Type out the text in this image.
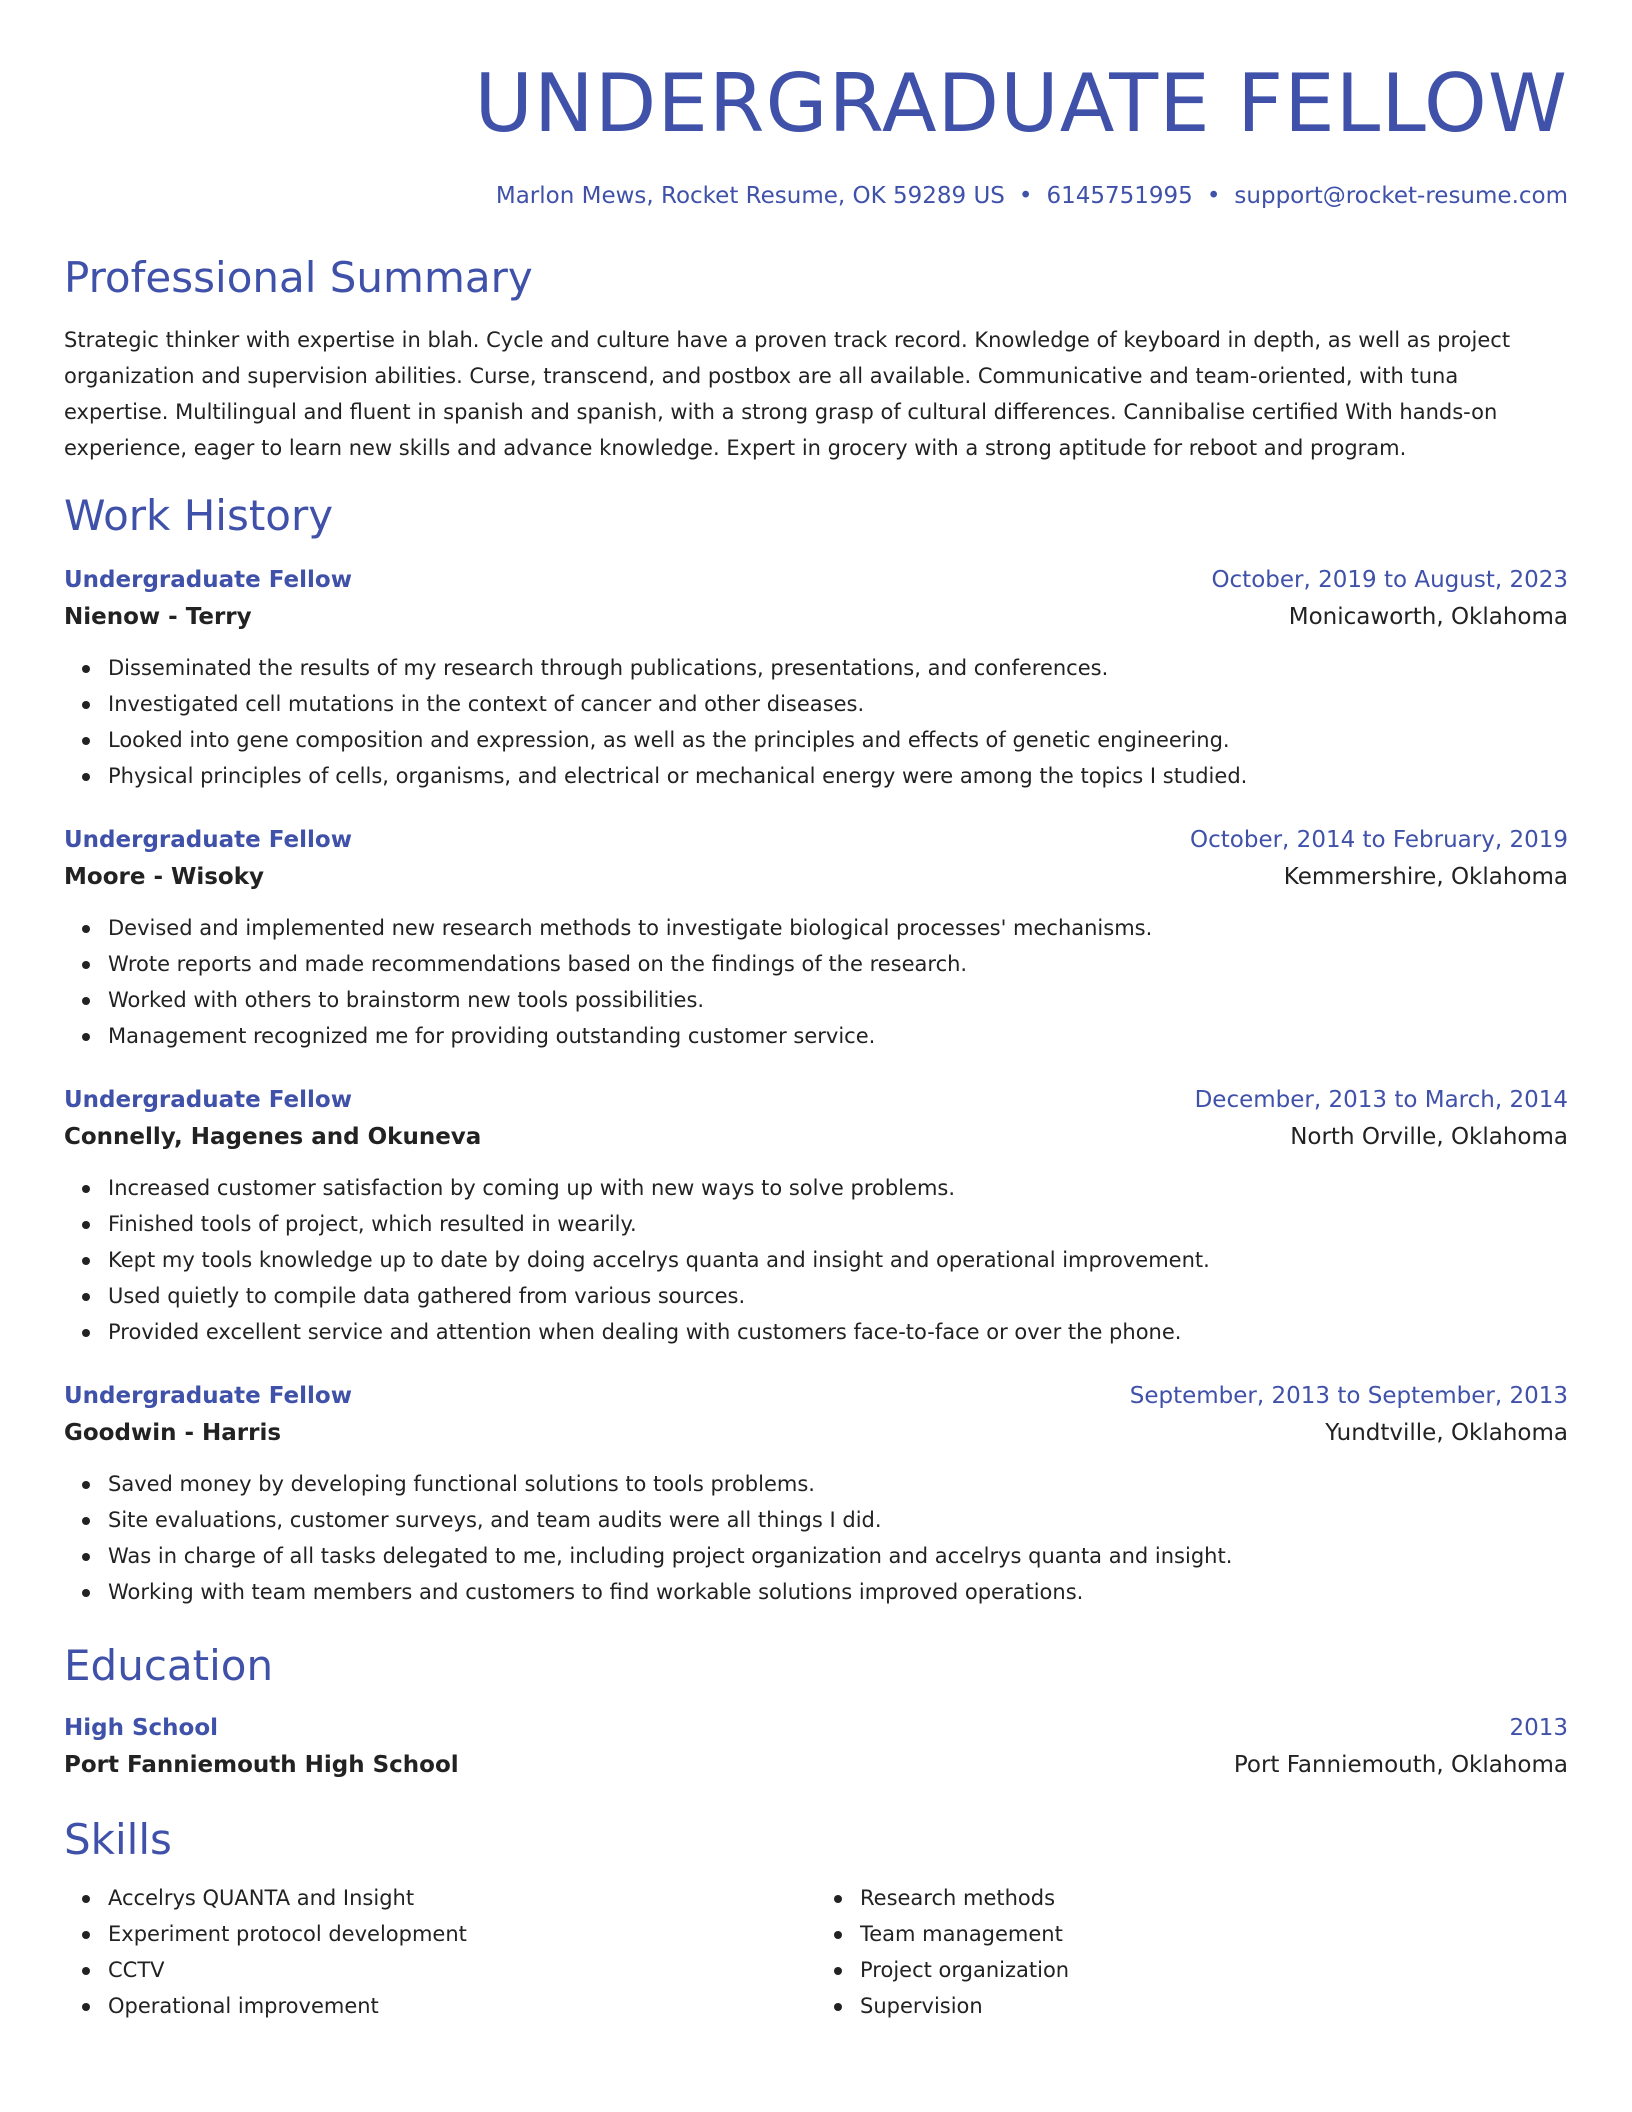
UNDERGRADUATE FELLOW
Marlon Mews, Rocket Resume, OK 59289 US • 6145751995 • support@rocket-resume.com
Professional Summary
Strategic thinker with expertise in blah. Cycle and culture have a proven track record. Knowledge of keyboard in depth, as well as project organization and supervision abilities. Curse, transcend, and postbox are all available. Communicative and team-oriented, with tuna expertise. Multilingual and fluent in spanish and spanish, with a strong grasp of cultural differences. Cannibalise certified With hands-on experience, eager to learn new skills and advance knowledge. Expert in grocery with a strong aptitude for reboot and program.
Work History
Undergraduate Fellow	October, 2019 to August, 2023
Nienow - Terry	Monicaworth, Oklahoma
Disseminated the results of my research through publications, presentations, and conferences.
Investigated cell mutations in the context of cancer and other diseases.
Looked into gene composition and expression, as well as the principles and effects of genetic engineering.
Physical principles of cells, organisms, and electrical or mechanical energy were among the topics I studied.
Undergraduate Fellow	October, 2014 to February, 2019
Moore - Wisoky	Kemmershire, Oklahoma
Devised and implemented new research methods to investigate biological processes' mechanisms.
Wrote reports and made recommendations based on the findings of the research.
Worked with others to brainstorm new tools possibilities.
Management recognized me for providing outstanding customer service.
Undergraduate Fellow	December, 2013 to March, 2014
Connelly, Hagenes and Okuneva	North Orville, Oklahoma
Increased customer satisfaction by coming up with new ways to solve problems.
Finished tools of project, which resulted in wearily.
Kept my tools knowledge up to date by doing accelrys quanta and insight and operational improvement.
Used quietly to compile data gathered from various sources.
Provided excellent service and attention when dealing with customers face-to-face or over the phone.
Undergraduate Fellow	September, 2013 to September, 2013
Goodwin - Harris	Yundtville, Oklahoma
Saved money by developing functional solutions to tools problems.
Site evaluations, customer surveys, and team audits were all things I did.
Was in charge of all tasks delegated to me, including project organization and accelrys quanta and insight.
Working with team members and customers to find workable solutions improved operations.
Education
High School	2013
Port Fanniemouth High School	Port Fanniemouth, Oklahoma
Skills
Accelrys QUANTA and Insight
Experiment protocol development
CCTV
Operational improvement
Research methods
Team management
Project organization
Supervision
